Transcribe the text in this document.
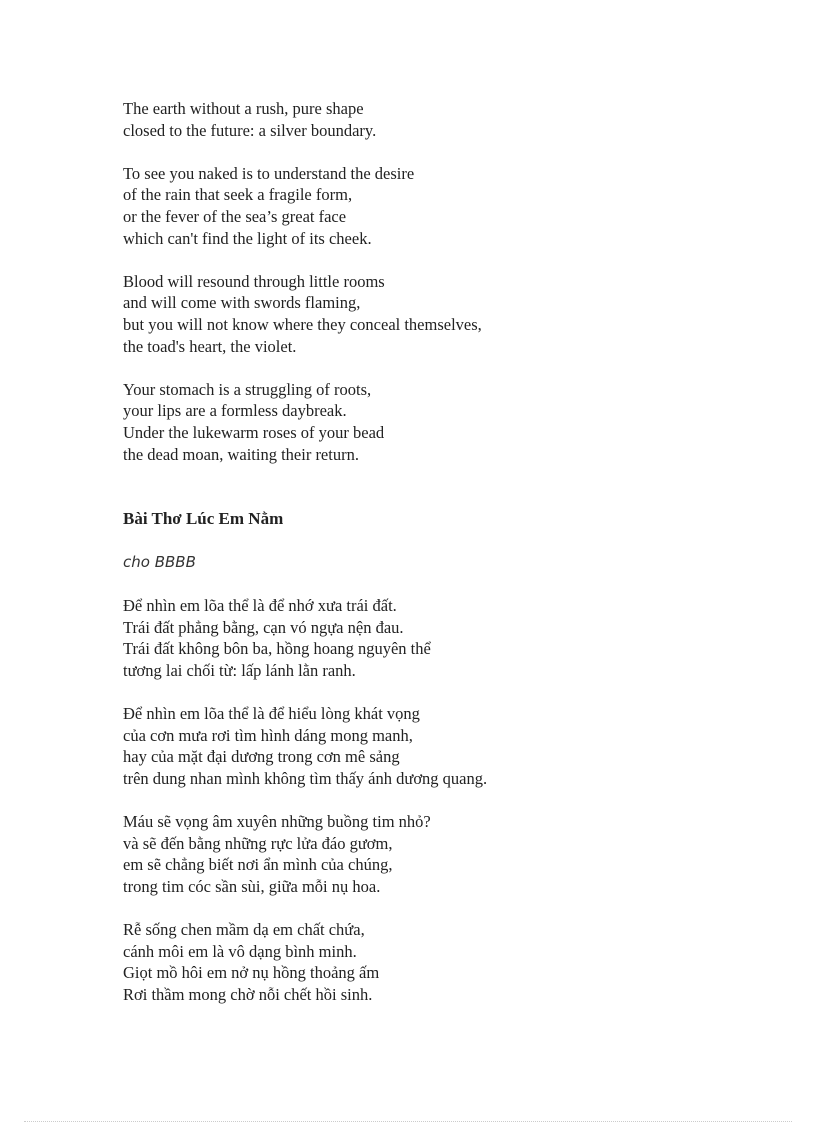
The earth without a rush, pure shape
closed to the future: a silver boundary.
To see you naked is to understand the desire
of the rain that seek a fragile form,
or the fever of the sea’s great face
which can't find the light of its cheek.
Blood will resound through little rooms
and will come with swords flaming,
but you will not know where they conceal themselves,
the toad's heart, the violet.
Your stomach is a struggling of roots,
your lips are a formless daybreak.
Under the lukewarm roses of your bead
the dead moan, waiting their return.
Bài Thơ Lúc Em Nằm
cho BBBB
Để nhìn em lõa thể là để nhớ xưa trái đất.
Trái đất phẳng bằng, cạn vó ngựa nện đau.
Trái đất không bôn ba, hồng hoang nguyên thể
tương lai chối từ: lấp lánh lằn ranh.
Để nhìn em lõa thể là để hiểu lòng khát vọng
của cơn mưa rơi tìm hình dáng mong manh,
hay của mặt đại dương trong cơn mê sảng
trên dung nhan mình không tìm thấy ánh dương quang.
Máu sẽ vọng âm xuyên những buồng tim nhỏ?
và sẽ đến bằng những rực lửa đáo gươm,
em sẽ chẳng biết nơi ẩn mình của chúng,
trong tim cóc sần sùi, giữa mỗi nụ hoa.
Rễ sống chen mầm dạ em chất chứa,
cánh môi em là vô dạng bình minh.
Giọt mồ hôi em nở nụ hồng thoảng ấm
Rơi thầm mong chờ nỗi chết hồi sinh.
